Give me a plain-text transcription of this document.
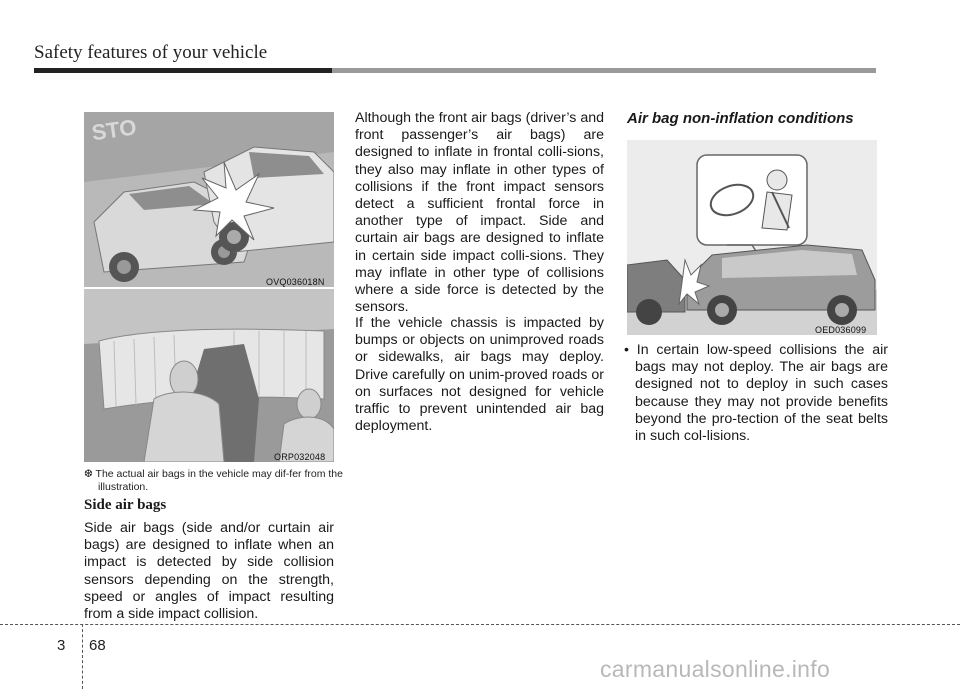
Safety features of your vehicle
STO
OVQ036018N
ORP032048
❆ The actual air bags in the vehicle may dif-fer from the illustration.
Side air bags

Side air bags (side and/or curtain air bags) are designed to inflate when an impact is detected by side collision sensors depending on the strength, speed or angles of impact resulting from a side impact collision.

Although the front air bags (driver’s and front passenger’s air bags) are designed to inflate in frontal colli-sions, they also may inflate in other types of collisions if the front impact sensors detect a sufficient frontal force in another type of impact. Side and curtain air bags are designed to inflate in certain side impact colli-sions. They may inflate in other type of collisions where a side force is detected by the sensors.

If the vehicle chassis is impacted by bumps or objects on unimproved roads or sidewalks, air bags may deploy. Drive carefully on unim-proved roads or on surfaces not designed for vehicle traffic to prevent unintended air bag deployment.

Air bag non-inflation conditions
OED036099
• In certain low-speed collisions the air bags may not deploy. The air bags are designed not to deploy in such cases because they may not provide benefits beyond the pro-tection of the seat belts in such col-lisions.
3 68
carmanualsonline.info
